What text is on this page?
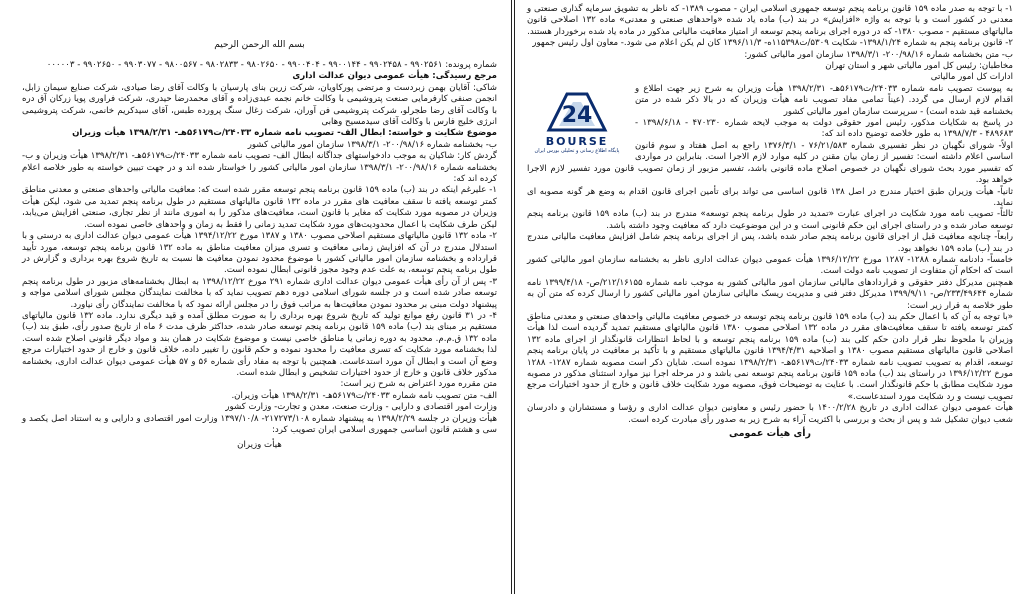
بسم الله الرحمن الرحیم

شماره پرونده: ۹۹۰۲۵۶۱ - ۹۹۰۲۴۵۸ - ۹۹۰۰۱۴۴ - ۹۹۰۰۴۰۴ - ۹۸۰۲۶۵۰ - ۹۸۰۲۸۳۳ - ۹۸۰۰۵۶۷ - ۹۹۰۳۰۷۷ - ۹۹۰۲۶۵۰ - ۰۰۰۰۰۳

مرجع رسیدگی: هیأت عمومی دیوان عدالت اداری

شاکی: آقایان بهمن زبردست و مرتضی پورکاویان، شرکت زرین بنای پارسیان با وکالت آقای رضا صیادی، شرکت صنایع سیمان زابل، انجمن صنفی کارفرمایی صنعت پتروشیمی با وکالت خانم نجمه عبدی‌زاده و آقای محمدرضا حیدری، شرکت فراوری پویا زرکان آق دره با وکالت آقای رضا طجرلو، شرکت پتروشیمی فن آوران، شرکت زغال سنگ پرورده طبس، آقای سیدکریم خانمی، شرکت پتروشیمی انرژی خلیج فارس با وکالت آقای سیدمسیح وهابی

موضوع شکایت و خواسته: ابطال الف- تصویب نامه شماره ۲۴۰۳۳/ت۵۶۱۷۹هـ- ۱۳۹۸/۲/۳۱ هیأت وزیران

ب- بخشنامه شماره ۲۰۰/۹۸/۱۶- ۱۳۹۸/۳/۱ سازمان امور مالیاتی کشور

گردش کار: شاکیان به موجب دادخواستهای جداگانه ابطال الف- تصویب نامه شماره ۲۴۰۳۳/ت۵۶۱۷۹هـ- ۱۳۹۸/۲/۳۱ هیأت وزیران و ب- بخشنامه شماره ۲۰۰/۹۸/۱۶- ۱۳۹۸/۳/۱ سازمان امور مالیاتی کشور را خواستار شده اند و در جهت تبیین خواسته به طور خلاصه اعلام کرده اند که:

۱- علیرغم اینکه در بند (ب) ماده ۱۵۹ قانون برنامه پنجم توسعه مقرر شده است که: معافیت مالیاتی واحدهای صنعتی و معدنی مناطق کمتر توسعه یافته تا سقف معافیت های مقرر در ماده ۱۳۲ قانون مالیاتهای مستقیم در طول برنامه پنجم تمدید می شود، لیکن هیأت وزیران در مصوبه مورد شکایت که مغایر با قانون است، معافیت‌های مذکور را به اموری مانند از نظر تجاری، صنعتی افزایش می‌یابد، لیکن طرف شکایت با اعمال محدودیت‌های مورد شکایت تمدید زمانی را فقط به زمان و واحدهای خاصی نموده است.

۲- ماده ۱۳۲ قانون مالیاتهای مستقیم اصلاحی مصوب ۱۳۸۰ و ۱۳۸۷ مورخ ۱۳۹۴/۱۲/۲۲ هیأت عمومی دیوان عدالت اداری به درستی و با استدلال مندرج در آن که افزایش زمانی معافیت و تسری میزان معافیت مناطق به ماده ۱۳۲ قانون برنامه پنجم توسعه، مورد تأیید قرارداده و بخشنامه سازمان امور مالیاتی کشور با موضوع محدود نمودن معافیت ها نسبت به تاریخ شروع بهره برداری و گزارش در طول برنامه پنجم توسعه، به علت عدم وجود مجوز قانونی ابطال نموده است.

۳- پس از آن رأی هیأت عمومی دیوان عدالت اداری شماره ۲۹۱ مورخ ۱۳۹۸/۱۲/۲۲ به ابطال بخشنامه‌های مزبور در طول برنامه پنجم توسعه صادر شده است و در جلسه شورای اسلامی دوره دهم تصویب نماید که با مخالفت نمایندگان مجلس شورای اسلامی مواجه و پیشنهاد دولت مبنی بر محدود نمودن معافیت‌ها به مراتب فوق را در مجلس ارائه نمود که با مخالفت نمایندگان رأی نیاورد.

۴- در ۳۱ قانون رفع موانع تولید که تاریخ شروع بهره برداری را به صورت مطلق آمده و قید دیگری ندارد. ماده ۱۳۲ قانون مالیاتهای مستقیم بر مبنای بند (ب) ماده ۱۵۹ قانون برنامه پنجم توسعه صادر شده، حداکثر ظرف مدت ۶ ماه از تاریخ صدور رأی، طبق بند (ب) ماده ۱۳۲ ق.م.م. محدود به دوره زمانی یا مناطق خاصی نیست و موضوع شکایت در همان بند و مواد دیگر قانونی اصلاح شده است. لذا بخشنامه مورد شکایت که تسری معافیت را محدود نموده و حکم قانون را تغییر داده، خلاف قانون و خارج از حدود اختیارات مرجع وضع آن است و ابطال آن مورد استدعاست. همچنین با توجه به مفاد رأی شماره ۵۶ و ۵۷ هیأت عمومی دیوان عدالت اداری، بخشنامه مذکور خلاف قانون و خارج از حدود اختیارات تشخیص و ابطال شده است.

متن مقرره مورد اعتراض به شرح زیر است:

الف- متن تصویب نامه شماره ۲۴۰۳۳/ت۵۶۱۷۹هـ- ۱۳۹۸/۲/۳۱ هیأت وزیران.

وزارت امور اقتصادی و دارایی - وزارت صنعت، معدن و تجارت- وزارت کشور

هیأت وزیران در جلسه ۱۳۹۸/۲/۲۹ به پیشنهاد شماره ۲۱۷۲۷۳/۱۰۸- ۱۳۹۷/۱۰/۸ وزارت امور اقتصادی و دارایی و به استناد اصل یکصد و سی و هشتم قانون اساسی جمهوری اسلامی ایران تصویب کرد:

هیأت وزیران

۱- با توجه به صدر ماده ۱۵۹ قانون برنامه پنجم توسعه جمهوری اسلامی ایران - مصوب ۱۳۸۹- که ناظر به تشویق سرمایه گذاری صنعتی و معدنی در کشور است و با توجه به واژه «افزایش» در بند (ب) ماده یاد شده «واحدهای صنعتی و معدنی» ماده ۱۳۲ اصلاحی قانون مالیاتهای مستقیم - مصوب ۱۳۸۰- که در دوره اجرای برنامه پنجم توسعه از امتیاز معافیت مالیاتی مذکور در ماده یاد شده برخوردار هستند.

۲- قانون برنامه پنجم به شماره ۱۳۹۸/۱/۲۴- شکایت ۵۳۰۹/ت۱۱۵۳۹۸ه- ۱۳۹۶/۱۱/۳ کان لم یکن اعلام می شود.- معاون اول رئیس جمهور

24
BOURSE
پایگاه اطلاع رسانی و تحلیلی بورس ایران

ب- متن بخشنامه شماره ۲۰۰/۹۸/۱۶- ۱۳۹۸/۳/۱ سازمان امور مالیاتی کشور:

مخاطبان: رئیس کل امور مالیاتی شهر و استان تهران

ادارات کل امور مالیاتی

به پیوست تصویب نامه شماره ۲۴۰۳۳/ت۵۶۱۷۹هـ- ۱۳۹۸/۲/۳۱ هیأت وزیران به شرح زیر جهت اطلاع و اقدام لازم ارسال می گردد. (عیناً تمامی مفاد تصویب نامه هیأت وزیران که در بالا ذکر شده در متن بخشنامه قید شده است) - سرپرست سازمان امور مالیاتی کشور

در پاسخ به شکایات مذکور، رئیس امور حقوقی دولت به موجب لایحه شماره ۴۷۰۲۳۰ - ۱۳۹۸/۶/۱۸ - ۴۸۹۶۸۳ - ۱۳۹۸/۷/۳ به طور خلاصه توضیح داده اند که:

اولاً- شورای نگهبان در نظر تفسیری شماره ۷۶/۲۱/۵۸۳ - ۱۳۷۶/۳/۱ راجع به اصل هفتاد و سوم قانون اساسی اعلام داشته است: تفسیر از زمان بیان مقنن در کلیه موارد لازم الاجرا است. بنابراین در مواردی که تفسیر مورد بحث شورای نگهبان در خصوص اصلاح ماده قانونی باشد، تفسیر مزبور از زمان تصویب قانون مورد تفسیر لازم الاجرا خواهد بود.

ثانیاً- هیأت وزیران طبق اختیار مندرج در اصل ۱۳۸ قانون اساسی می تواند برای تأمین اجرای قانون اقدام به وضع هر گونه مصوبه ای نماید.

ثالثاً- تصویب نامه مورد شکایت در اجرای عبارت «تمدید در طول برنامه پنجم توسعه» مندرج در بند (ب) ماده ۱۵۹ قانون برنامه پنجم توسعه صادر شده و در راستای اجرای این حکم قانونی است و در این موضوعیت دارد که معافیت وجود داشته باشد.

رابعاً- چنانچه معافیت قبل از اجرای قانون برنامه پنجم صادر شده باشد، پس از اجرای برنامه پنجم شامل افزایش معافیت مالیاتی مندرج در بند (ب) ماده ۱۵۹ نخواهد بود.

خامساً- دادنامه شماره ۱۲۸۸- ۱۲۸۷ مورخ ۱۳۹۶/۱۲/۲۲ هیأت عمومی دیوان عدالت اداری ناظر به بخشنامه سازمان امور مالیاتی کشور است که احکام آن متفاوت از تصویب نامه دولت است.

همچنین مدیرکل دفتر حقوقی و قراردادهای مالیاتی سازمان امور مالیاتی کشور به موجب نامه شماره ۲۱۲/۱۶۱۵۵/ص- ۱۳۹۹/۴/۱۸ نامه شماره ۲۳۳/۴۹۶۴۴/ص- ۱۳۹۹/۹/۱۱ مدیرکل دفتر فنی و مدیریت ریسک مالیاتی سازمان امور مالیاتی کشور را ارسال کرده که متن آن به طور خلاصه به قرار زیر است:

«با توجه به آن که با اعمال حکم بند (ب) ماده ۱۵۹ قانون برنامه پنجم توسعه در خصوص معافیت مالیاتی واحدهای صنعتی و معدنی مناطق کمتر توسعه یافته تا سقف معافیت‌های مقرر در ماده ۱۳۲ اصلاحی مصوب ۱۳۸۰ قانون مالیاتهای مستقیم تمدید گردیده است لذا هیأت وزیران با ملحوظ نظر قرار دادن حکم کلی بند (ب) ماده ۱۵۹ برنامه پنجم توسعه و با لحاظ انتظارات قانونگذار از اجرای ماده ۱۳۲ اصلاحی قانون مالیاتهای مستقیم مصوب ۱۳۸۰ و اصلاحیه ۱۳۹۴/۴/۳۱ قانون مالیاتهای مستقیم و با تأکید بر معافیت در پایان برنامه پنجم توسعه، اقدام به تصویب تصویب نامه شماره ۲۴۰۳۳/ت۵۶۱۷۹هـ- ۱۳۹۸/۲/۳۱ نموده است. شایان ذکر است مصوبه شماره ۱۲۸۷- ۱۲۸۸ مورخ ۱۳۹۶/۱۲/۲۲ در راستای بند (ب) ماده ۱۵۹ قانون برنامه پنجم توسعه نمی باشد و در مرحله اجرا نیز موارد استثنای مذکور در مصوبه مورد شکایت مطابق با حکم قانونگذار است. با عنایت به توضیحات فوق، مصوبه مورد شکایت خلاف قانون و خارج از حدود اختیارات مرجع تصویب نیست و رد شکایت مورد استدعاست.»

هیأت عمومی دیوان عدالت اداری در تاریخ ۱۴۰۰/۲/۲۸ با حضور رئیس و معاونین دیوان عدالت اداری و رؤسا و مستشاران و دادرسان شعب دیوان تشکیل شد و پس از بحث و بررسی با اکثریت آراء به شرح زیر به صدور رأی مبادرت کرده است.

رأی هیأت عمومی
